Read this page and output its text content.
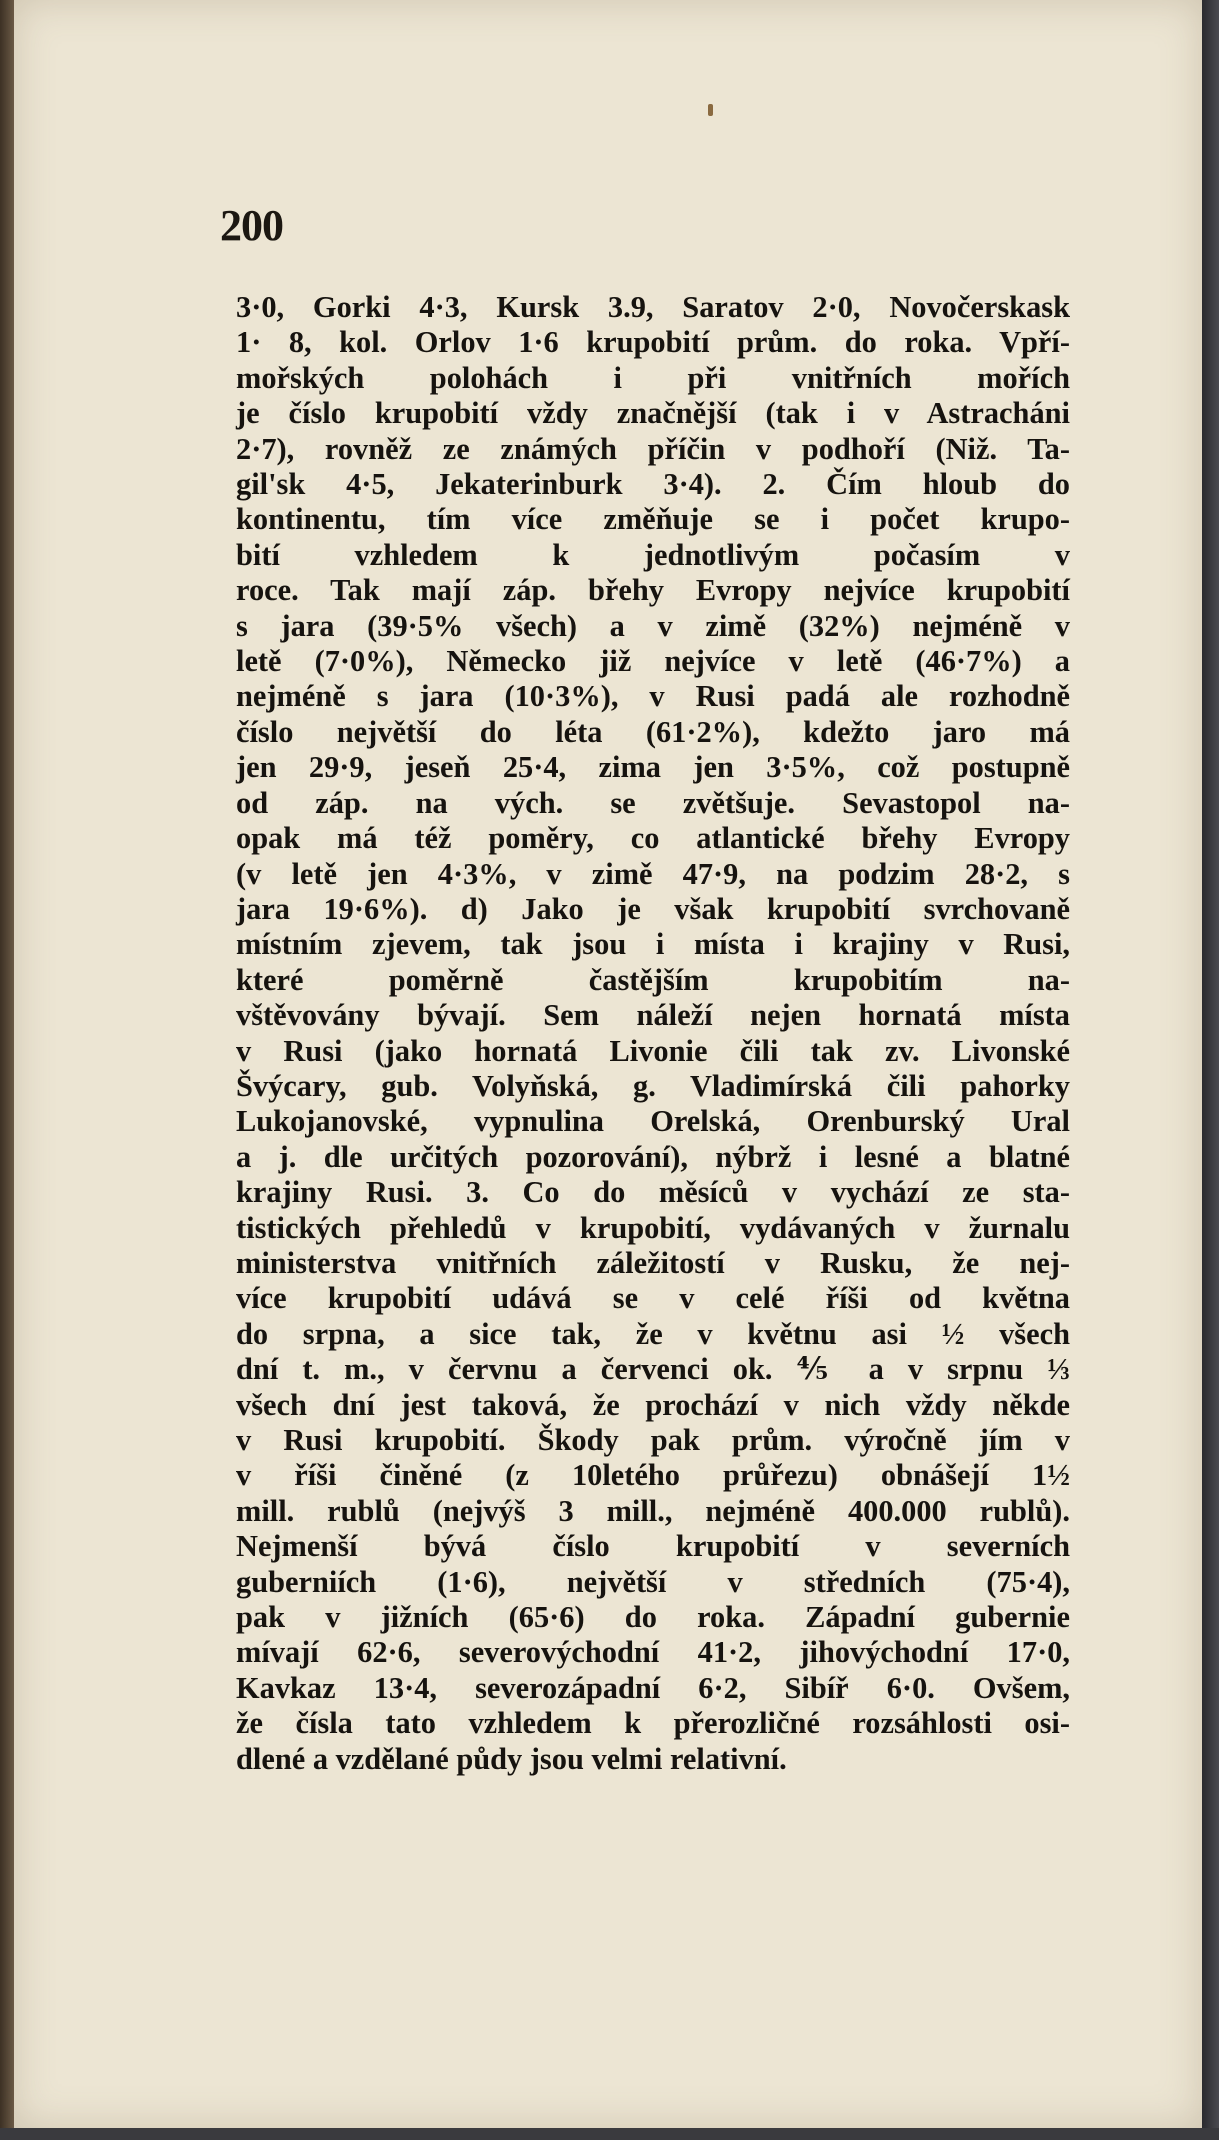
200
3·0, Gorki 4·3, Kursk 3.9, Saratov 2·0, Novočerskask
1· 8, kol. Orlov 1·6 krupobití prům. do roka. Vpří-
mořských polohách i při vnitřních mořích
je číslo krupobití vždy značnější (tak i v Astracháni
2·7), rovněž ze známých příčin v podhoří (Niž. Ta-
gil'sk 4·5, Jekaterinburk 3·4). 2. Čím hloub do
kontinentu, tím více změňuje se i počet krupo-
bití vzhledem k jednotlivým počasím v
roce. Tak mají záp. břehy Evropy nejvíce krupobití
s jara (39·5% všech) a v zimě (32%) nejméně v
letě (7·0%), Německo již nejvíce v letě (46·7%) a
nejméně s jara (10·3%), v Rusi padá ale rozhodně
číslo největší do léta (61·2%), kdežto jaro má
jen 29·9, jeseň 25·4, zima jen 3·5%, což postupně
od záp. na vých. se zvětšuje. Sevastopol na-
opak má též poměry, co atlantické břehy Evropy
(v letě jen 4·3%, v zimě 47·9, na podzim 28·2, s
jara 19·6%). d) Jako je však krupobití svrchovaně
místním zjevem, tak jsou i místa i krajiny v Rusi,
které poměrně častějším krupobitím na-
vštěvovány bývají. Sem náleží nejen hornatá místa
v Rusi (jako hornatá Livonie čili tak zv. Livonské
Švýcary, gub. Volyňská, g. Vladimírská čili pahorky
Lukojanovské, vypnulina Orelská, Orenburský Ural
a j. dle určitých pozorování), nýbrž i lesné a blatné
krajiny Rusi. 3. Co do měsíců v vychází ze sta-
tistických přehledů v krupobití, vydávaných v žurnalu
ministerstva vnitřních záležitostí v Rusku, že nej-
více krupobití udává se v celé říši od května
do srpna, a sice tak, že v květnu asi ½ všech
dní t. m., v červnu a červenci ok. ⅘ a v srpnu ⅓
všech dní jest taková, že prochází v nich vždy někde
v Rusi krupobití. Škody pak prům. výročně jím v
v říši činěné (z 10letého průřezu) obnášejí 1½
mill. rublů (nejvýš 3 mill., nejméně 400.000 rublů).
Nejmenší bývá číslo krupobití v severních
guberniích (1·6), největší v středních (75·4),
pak v jižních (65·6) do roka. Západní gubernie
mívají 62·6, severovýchodní 41·2, jihovýchodní 17·0,
Kavkaz 13·4, severozápadní 6·2, Sibíř 6·0. Ovšem,
že čísla tato vzhledem k přerozličné rozsáhlosti osi-
dlené a vzdělané půdy jsou velmi relativní.
